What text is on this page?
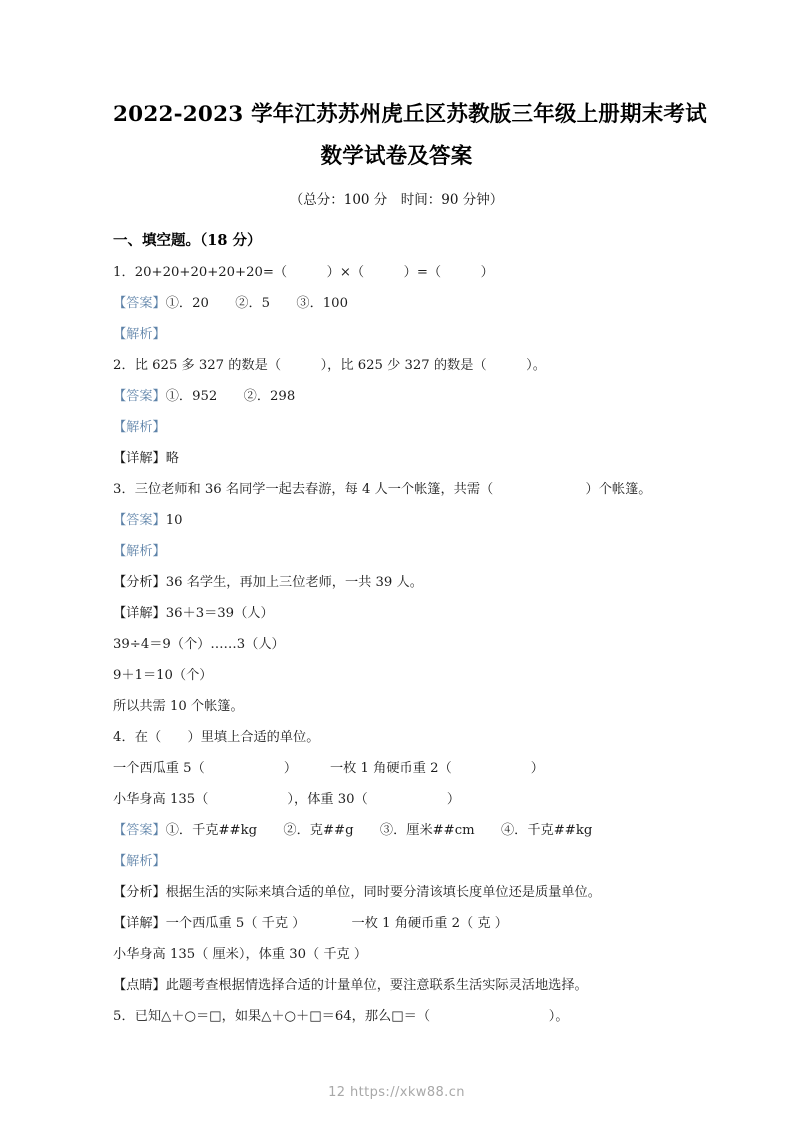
2022-2023 学年江苏苏州虎丘区苏教版三年级上册期末考试
数学试卷及答案
（总分：100 分　时间：90 分钟）
一、填空题。（18 分）
1．20+20+20+20+20=（　　　）×（　　　）=（　　　）
【答案】①．20　　②．5　　③．100
【解析】
2．比 625 多 327 的数是（　　　），比 625 少 327 的数是（　　　）。
【答案】①．952　　②．298
【解析】
【详解】略
3．三位老师和 36 名同学一起去春游，每 4 人一个帐篷，共需（　　　　　　　）个帐篷。
【答案】10
【解析】
【分析】36 名学生，再加上三位老师，一共 39 人。
【详解】36＋3＝39（人）
39÷4＝9（个）……3（人）
9＋1＝10（个）
所以共需 10 个帐篷。
4．在（　　）里填上合适的单位。
一个西瓜重 5（　　　　　　）　　　一枚 1 角硬币重 2（　　　　　　）
小华身高 135（　　　　　　），体重 30（　　　　　　）
【答案】①．千克##kg　　②．克##g　　③．厘米##cm　　④．千克##kg
【解析】
【分析】根据生活的实际来填合适的单位，同时要分清该填长度单位还是质量单位。
【详解】一个西瓜重 5（ 千克 ）　　　　一枚 1 角硬币重 2（ 克 ）
小华身高 135（ 厘米），体重 30（ 千克 ）
【点睛】此题考查根据情选择合适的计量单位，要注意联系生活实际灵活地选择。
5．已知△＋○＝□，如果△＋○＋□＝64，那么□＝（　　　　　　　　　）。
12 https://xkw88.cn
